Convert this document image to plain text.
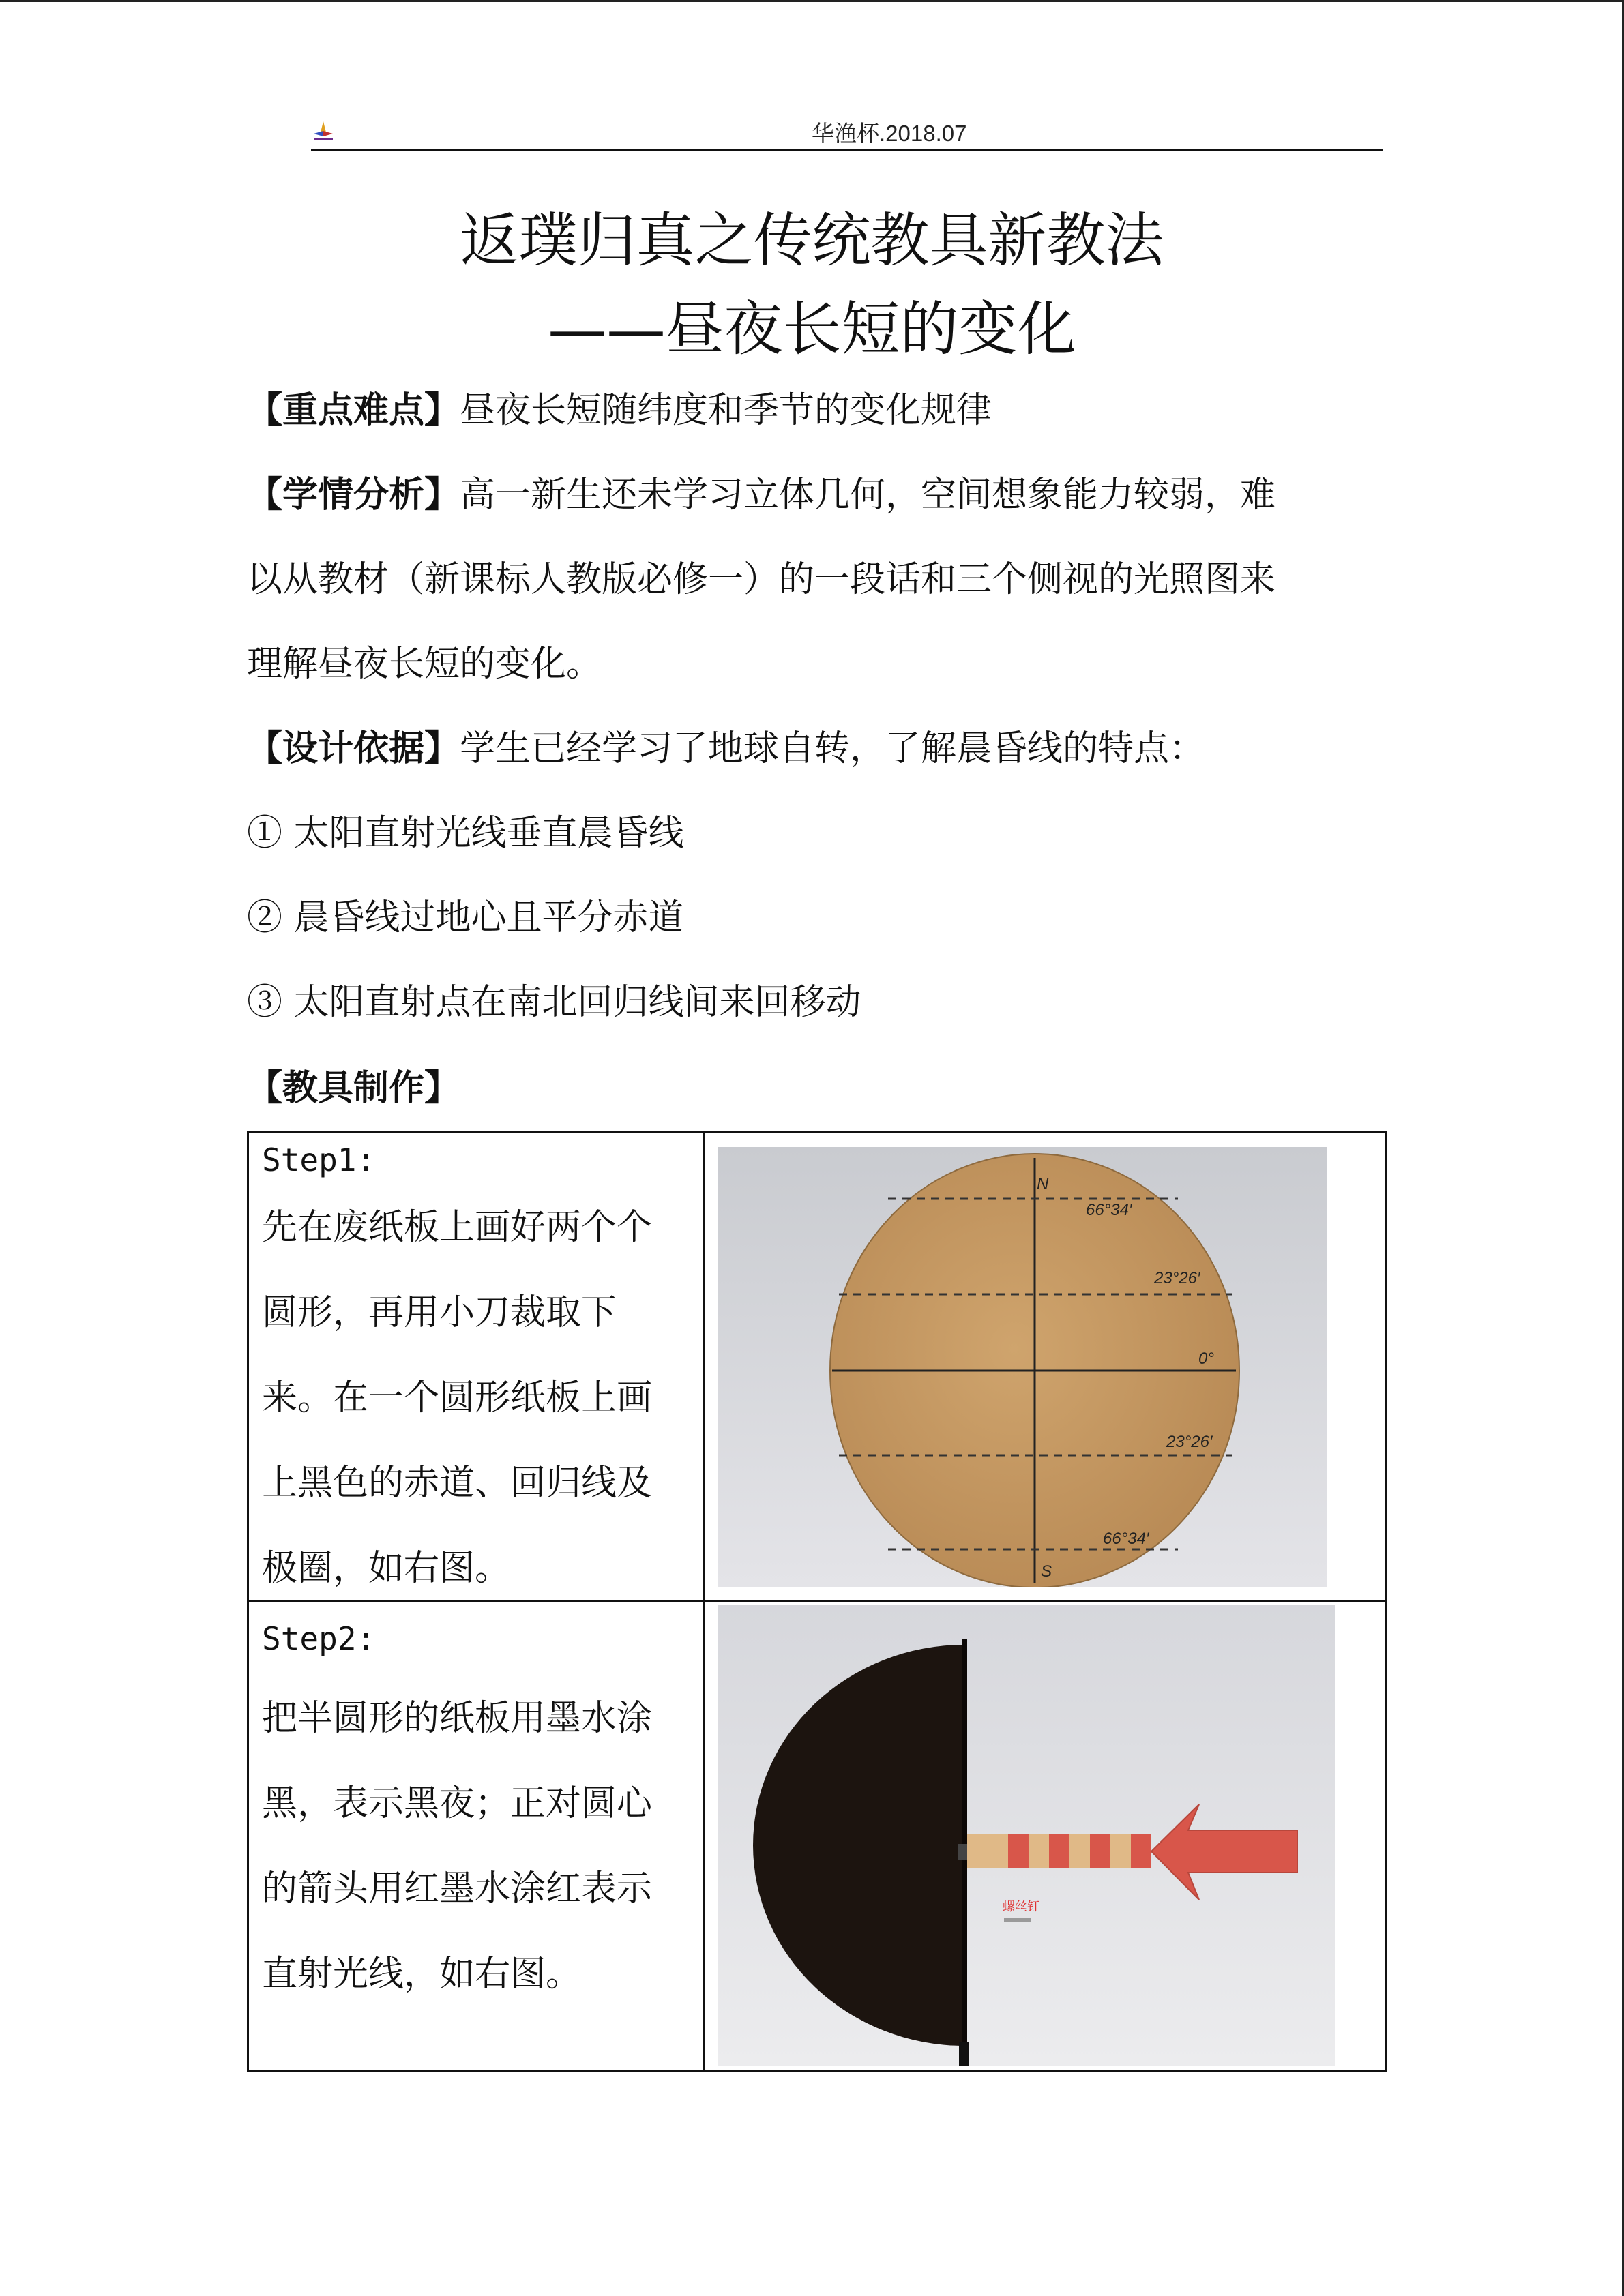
华渔杯.2018.07
返璞归真之传统教具新教法
——昼夜长短的变化
【重点难点】昼夜长短随纬度和季节的变化规律
【学情分析】高一新生还未学习立体几何，空间想象能力较弱，难
以从教材（新课标人教版必修一）的一段话和三个侧视的光照图来
理解昼夜长短的变化。
【设计依据】学生已经学习了地球自转，了解晨昏线的特点：
① 太阳直射光线垂直晨昏线
② 晨昏线过地心且平分赤道
③ 太阳直射点在南北回归线间来回移动
【教具制作】
Step1:
先在废纸板上画好两个个
圆形，再用小刀裁取下
来。在一个圆形纸板上画
上黑色的赤道、回归线及
极圈，如右图。
N
66°34′
23°26′
0°
23°26′
66°34′
S
Step2:
把半圆形的纸板用墨水涂
黑，表示黑夜；正对圆心
的箭头用红墨水涂红表示
直射光线，如右图。
螺丝钉
